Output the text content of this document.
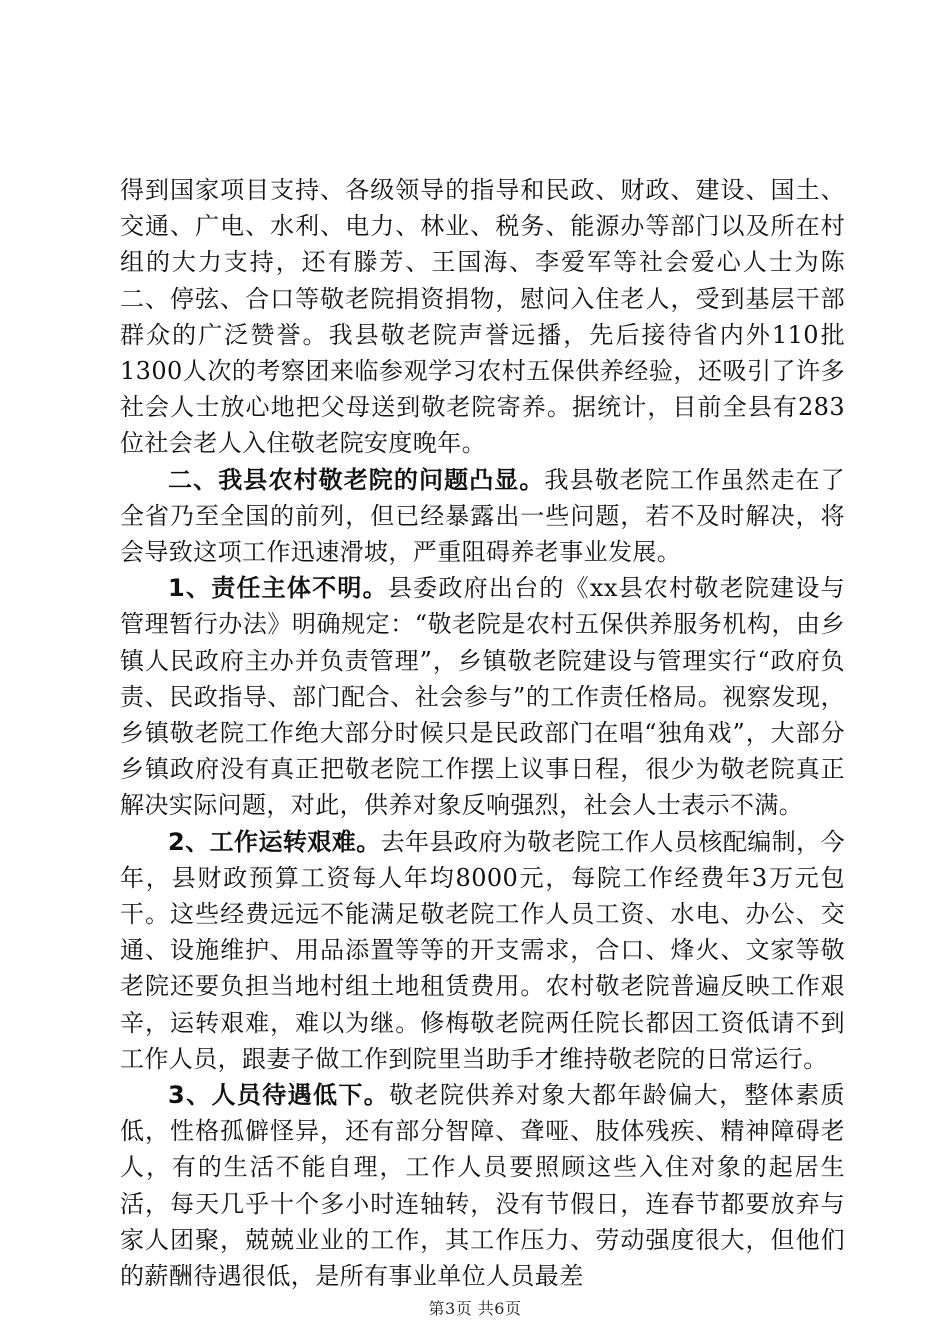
得到国家项目支持、各级领导的指导和民政、财政、建设、国土、交通、广电、水利、电力、林业、税务、能源办等部门以及所在村组的大力支持，还有滕芳、王国海、李爱军等社会爱心人士为陈二、停弦、合口等敬老院捐资捐物，慰问入住老人，受到基层干部群众的广泛赞誉。我县敬老院声誉远播，先后接待省内外110批1300人次的考察团来临参观学习农村五保供养经验，还吸引了许多社会人士放心地把父母送到敬老院寄养。据统计，目前全县有283位社会老人入住敬老院安度晚年。

二、我县农村敬老院的问题凸显。我县敬老院工作虽然走在了全省乃至全国的前列，但已经暴露出一些问题，若不及时解决，将会导致这项工作迅速滑坡，严重阻碍养老事业发展。

1、责任主体不明。县委政府出台的《xx县农村敬老院建设与管理暂行办法》明确规定：“敬老院是农村五保供养服务机构，由乡镇人民政府主办并负责管理”，乡镇敬老院建设与管理实行“政府负责、民政指导、部门配合、社会参与”的工作责任格局。视察发现，乡镇敬老院工作绝大部分时候只是民政部门在唱“独角戏”，大部分乡镇政府没有真正把敬老院工作摆上议事日程，很少为敬老院真正解决实际问题，对此，供养对象反响强烈，社会人士表示不满。

2、工作运转艰难。去年县政府为敬老院工作人员核配编制，今年，县财政预算工资每人年均8000元，每院工作经费年3万元包干。这些经费远远不能满足敬老院工作人员工资、水电、办公、交通、设施维护、用品添置等等的开支需求，合口、烽火、文家等敬老院还要负担当地村组土地租赁费用。农村敬老院普遍反映工作艰辛，运转艰难，难以为继。修梅敬老院两任院长都因工资低请不到工作人员，跟妻子做工作到院里当助手才维持敬老院的日常运行。

3、人员待遇低下。敬老院供养对象大都年龄偏大，整体素质低，性格孤僻怪异，还有部分智障、聋哑、肢体残疾、精神障碍老人，有的生活不能自理，工作人员要照顾这些入住对象的起居生活，每天几乎十个多小时连轴转，没有节假日，连春节都要放弃与家人团聚，兢兢业业的工作，其工作压力、劳动强度很大，但他们的薪酬待遇很低，是所有事业单位人员最差

第3页 共6页
